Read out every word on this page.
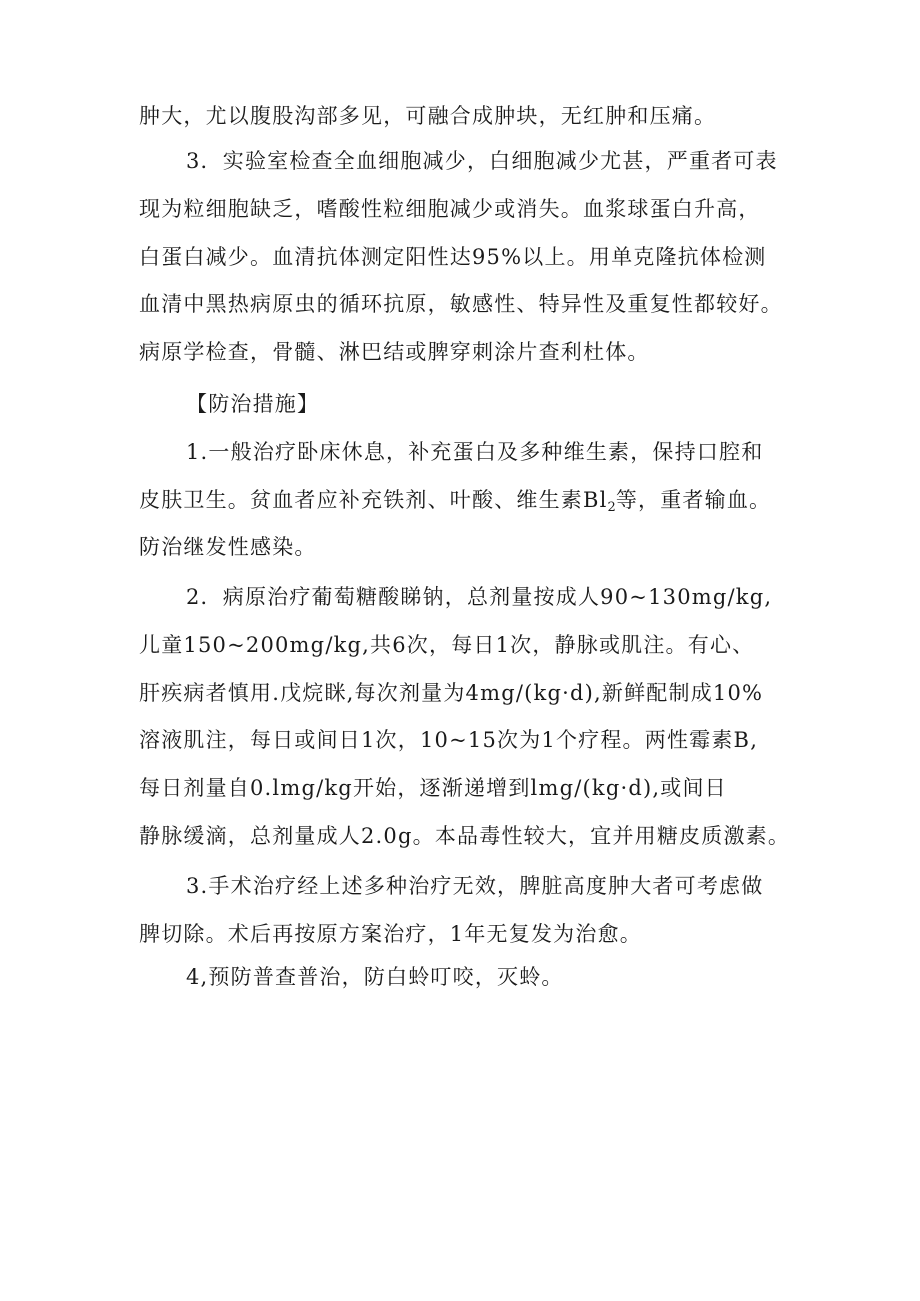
肿大，尤以腹股沟部多见，可融合成肿块，无红肿和压痛。
3．实验室检查全血细胞减少，白细胞减少尤甚，严重者可表
现为粒细胞缺乏，嗜酸性粒细胞减少或消失。血浆球蛋白升高，
白蛋白减少。血清抗体测定阳性达95%以上。用单克隆抗体检测
血清中黑热病原虫的循环抗原，敏感性、特异性及重复性都较好。
病原学检查，骨髓、淋巴结或脾穿刺涂片查利杜体。
【防治措施】
1.一般治疗卧床休息，补充蛋白及多种维生素，保持口腔和
皮肤卫生。贫血者应补充铁剂、叶酸、维生素$Bl_2$等，重者输血。
防治继发性感染。
2．病原治疗葡萄糖酸睇钠，总剂量按成人90~130mg/kg,
儿童150~200mg/kg,共6次，每日1次，静脉或肌注。有心、
肝疾病者慎用.戊烷眯,每次剂量为4mg/(kg·d),新鲜配制成10%
溶液肌注，每日或间日1次，10~15次为1个疗程。两性霉素B,
每日剂量自0.lmg/kg开始，逐渐递增到lmg/(kg·d),或间日
静脉缓滴，总剂量成人2.0g。本品毒性较大，宜并用糖皮质激素。
3.手术治疗经上述多种治疗无效，脾脏高度肿大者可考虑做
脾切除。术后再按原方案治疗，1年无复发为治愈。
4,预防普查普治，防白蛉叮咬，灭蛉。
